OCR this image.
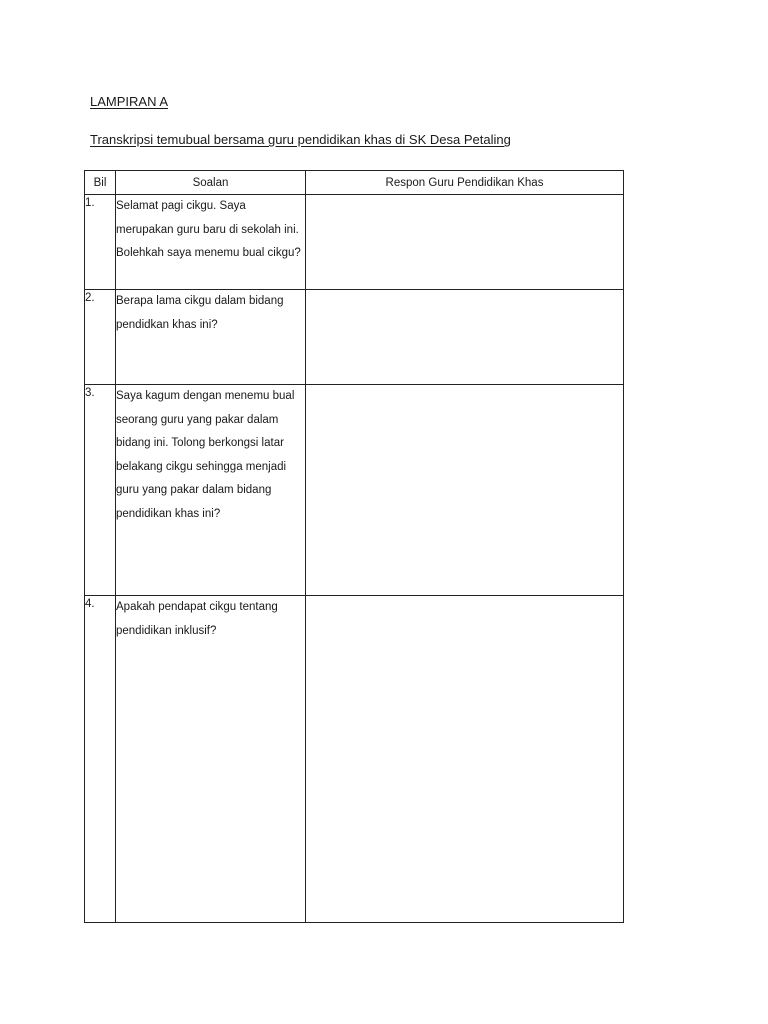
LAMPIRAN A
Transkripsi temubual bersama guru pendidikan khas di SK Desa Petaling
Bil	Soalan	Respon Guru Pendidikan Khas
1.	Selamat pagi cikgu. Saya merupakan guru baru di sekolah ini. Bolehkah saya menemu bual cikgu?	
2.	Berapa lama cikgu dalam bidang pendidkan khas ini?	
3.	Saya kagum dengan menemu bual seorang guru yang pakar dalam bidang ini. Tolong berkongsi latar belakang cikgu sehingga menjadi guru yang pakar dalam bidang pendidikan khas ini?	
4.	Apakah pendapat cikgu tentang pendidikan inklusif?	
